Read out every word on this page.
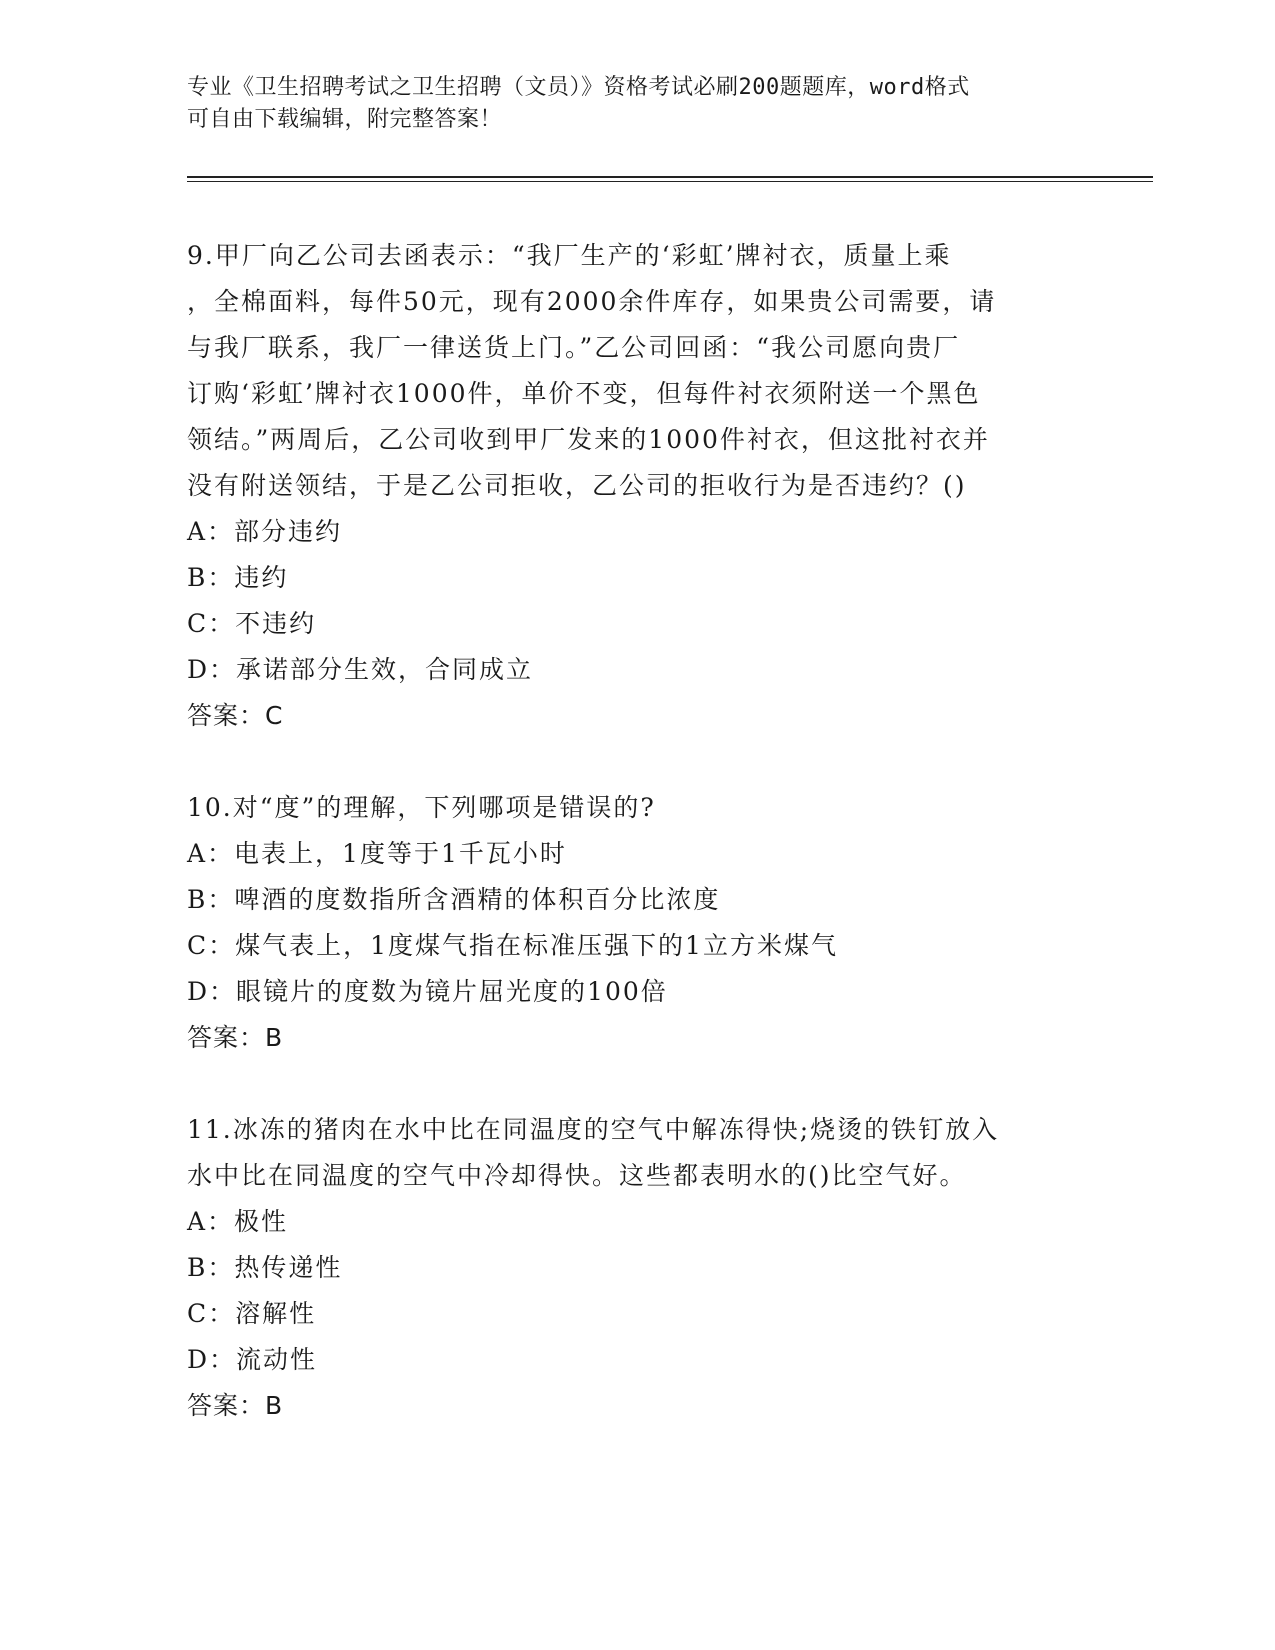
专业《卫生招聘考试之卫生招聘（文员）》资格考试必刷200题题库，word格式
可自由下载编辑，附完整答案！
9.甲厂向乙公司去函表示：“我厂生产的‘彩虹’牌衬衣，质量上乘
，全棉面料，每件50元，现有2000余件库存，如果贵公司需要，请
与我厂联系，我厂一律送货上门。”乙公司回函：“我公司愿向贵厂
订购‘彩虹’牌衬衣1000件，单价不变，但每件衬衣须附送一个黑色
领结。”两周后，乙公司收到甲厂发来的1000件衬衣，但这批衬衣并
没有附送领结，于是乙公司拒收，乙公司的拒收行为是否违约？()
A：部分违约
B：违约
C：不违约
D：承诺部分生效，合同成立
答案：C
10.对“度”的理解，下列哪项是错误的?
A：电表上，1度等于1千瓦小时
B：啤酒的度数指所含酒精的体积百分比浓度
C：煤气表上，1度煤气指在标准压强下的1立方米煤气
D：眼镜片的度数为镜片屈光度的100倍
答案：B
11.冰冻的猪肉在水中比在同温度的空气中解冻得快;烧烫的铁钉放入
水中比在同温度的空气中冷却得快。这些都表明水的()比空气好。
A：极性
B：热传递性
C：溶解性
D：流动性
答案：B
